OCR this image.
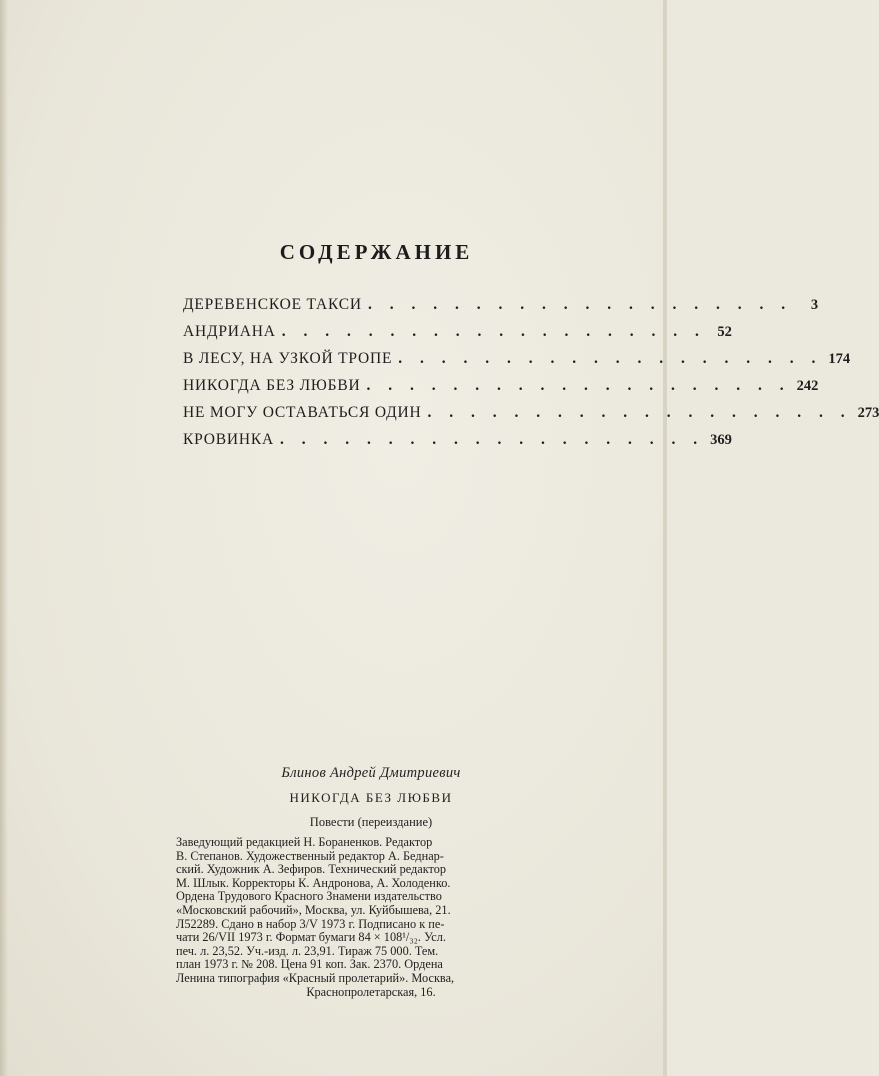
СОДЕРЖАНИЕ
ДЕРЕВЕНСКОЕ ТАКСИ . . . . . . . . . . . . . . . . . . . .	3
АНДРИАНА . . . . . . . . . . . . . . . . . . . . 52
В ЛЕСУ, НА УЗКОЙ ТРОПЕ . . . . . . . . . . . . . . . . . . . . 174
НИКОГДА БЕЗ ЛЮБВИ . . . . . . . . . . . . . . . . . . . . 242
НЕ МОГУ ОСТАВАТЬСЯ ОДИН . . . . . . . . . . . . . . . . . . . . 273
КРОВИНКА . . . . . . . . . . . . . . . . . . . . 369
Блинов Андрей Дмитриевич
НИКОГДА БЕЗ ЛЮБВИ
Повести (переиздание)
Заведующий редакцией Н. Бораненков. Редактор
В. Степанов. Художественный редактор А. Беднар-
ский. Художник А. Зефиров. Технический редактор
М. Шлык. Корректоры К. Андронова, А. Холоденко.
Ордена Трудового Красного Знамени издательство
«Московский рабочий», Москва, ул. Куйбышева, 21.
Л52289. Сдано в набор 3/V 1973 г. Подписано к пе-
чати 26/VII 1973 г. Формат бумаги 84 × 108¹/₃₂. Усл.
печ. л. 23,52. Уч.-изд. л. 23,91. Тираж 75 000. Тем.
план 1973 г. № 208. Цена 91 коп. Зак. 2370. Ордена
Ленина типография «Красный пролетарий». Москва,
Краснопролетарская, 16.
